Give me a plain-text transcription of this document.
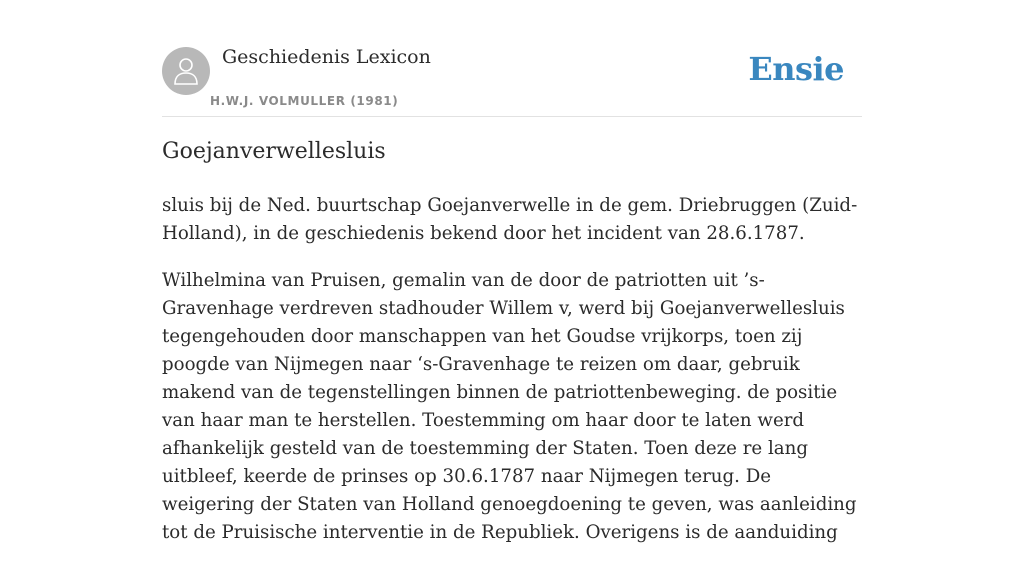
Geschiedenis Lexicon
H.W.J. VOLMULLER (1981)
Ensie
Goejanverwellesluis

sluis bij de Ned. buurtschap Goejanverwelle in de gem. Driebruggen (Zuid-Holland), in de geschiedenis bekend door het incident van 28.6.1787.

Wilhelmina van Pruisen, gemalin van de door de patriotten uit ’s-Gravenhage verdreven stadhouder Willem v, werd bij Goejanverwellesluis tegengehouden door manschappen van het Goudse vrijkorps, toen zij poogde van Nijmegen naar ‘s-Gravenhage te reizen om daar, gebruik makend van de tegenstellingen binnen de patriottenbeweging. de positie van haar man te herstellen. Toestemming om haar door te laten werd afhankelijk gesteld van de toestemming der Staten. Toen deze re lang uitbleef, keerde de prinses op 30.6.1787 naar Nijmegen terug. De weigering der Staten van Holland genoegdoening te geven, was aanleiding tot de Pruisische interventie in de Republiek. Overigens is de aanduiding
